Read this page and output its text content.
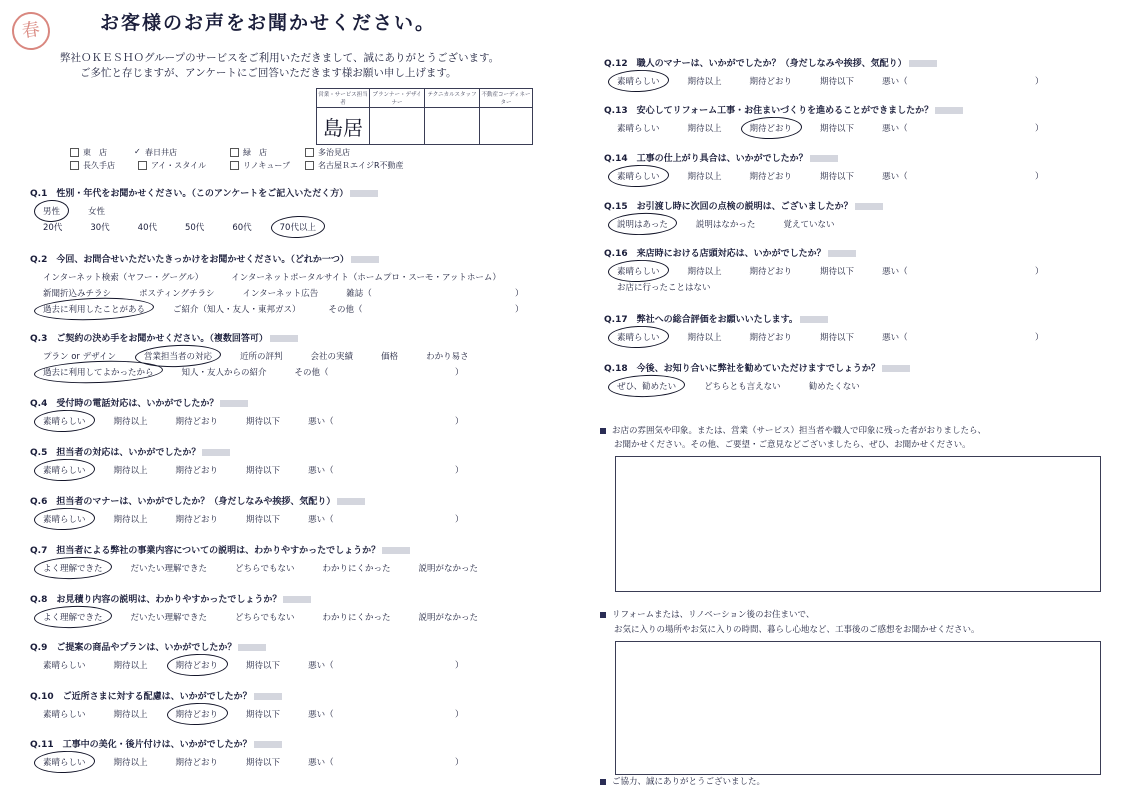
春	お客様のお声をお聞かせください。
弊社ＯＫＥＳＨＯグループのサービスをご利用いただきまして、誠にありがとうございます。
ご多忙と存じますが、アンケートにご回答いただきます様お願い申し上げます。
営業・サービス担当者	プランナー・デザイナー	テクニカルスタッフ	不動産コーディネーター
島居			
東　店	✓ 春日井店	緑　店	多治見店
長久手店	アイ・スタイル	リノキューブ	名古屋ＲエイジR不動産
Q.1　性別・年代をお聞かせください。（このアンケートをご記入いただく方）
男性	女性
20代	30代	40代	50代	60代	70代以上
Q.2　今回、お問合せいただいたきっかけをお聞かせください。（どれか一つ）
インターネット検索（ヤフー・グーグル）	インターネットポータルサイト（ホームプロ・スーモ・アットホーム）
新聞折込みチラシ	ポスティングチラシ	インターネット広告	雑誌（	）
過去に利用したことがある	ご紹介（知人・友人・東邦ガス）	その他（	）
Q.3　ご契約の決め手をお聞かせください。（複数回答可）
プラン or デザイン	営業担当者の対応	近所の評判	会社の実績	価格	わかり易さ
過去に利用してよかったから	知人・友人からの紹介	その他（	）
Q.4　受付時の電話対応は、いかがでしたか？
素晴らしい	期待以上	期待どおり	期待以下	悪い（	）
Q.5　担当者の対応は、いかがでしたか？
素晴らしい	期待以上	期待どおり	期待以下	悪い（	）
Q.6　担当者のマナーは、いかがでしたか？（身だしなみや挨拶、気配り）
素晴らしい	期待以上	期待どおり	期待以下	悪い（	）
Q.7　担当者による弊社の事業内容についての説明は、わかりやすかったでしょうか？
よく理解できた	だいたい理解できた	どちらでもない	わかりにくかった	説明がなかった
Q.8　お見積り内容の説明は、わかりやすかったでしょうか？
よく理解できた	だいたい理解できた	どちらでもない	わかりにくかった	説明がなかった
Q.9　ご提案の商品やプランは、いかがでしたか？
素晴らしい	期待以上	期待どおり	期待以下	悪い（	）
Q.10　ご近所さまに対する配慮は、いかがでしたか？
素晴らしい	期待以上	期待どおり	期待以下	悪い（	）
Q.11　工事中の美化・後片付けは、いかがでしたか？
素晴らしい	期待以上	期待どおり	期待以下	悪い（	）
Q.12　職人のマナーは、いかがでしたか？（身だしなみや挨拶、気配り）
素晴らしい	期待以上	期待どおり	期待以下	悪い（	）
Q.13　安心してリフォーム工事・お住まいづくりを進めることができましたか？
素晴らしい	期待以上	期待どおり	期待以下	悪い（	）
Q.14　工事の仕上がり具合は、いかがでしたか？
素晴らしい	期待以上	期待どおり	期待以下	悪い（	）
Q.15　お引渡し時に次回の点検の説明は、ございましたか？
説明はあった	説明はなかった	覚えていない
Q.16　来店時における店頭対応は、いかがでしたか？
素晴らしい	期待以上	期待どおり	期待以下	悪い（	）
お店に行ったことはない
Q.17　弊社への総合評価をお願いいたします。
素晴らしい	期待以上	期待どおり	期待以下	悪い（	）
Q.18　今後、お知り合いに弊社を勧めていただけますでしょうか？
ぜひ、勧めたい	どちらとも言えない	勧めたくない
お店の雰囲気や印象。または、営業（サービス）担当者や職人で印象に残った者がおりましたら、
お聞かせください。その他、ご要望・ご意見などございましたら、ぜひ、お聞かせください。
リフォームまたは、リノベーション後のお住まいで、
お気に入りの場所やお気に入りの時間、暮らし心地など、工事後のご感想をお聞かせください。
ご協力、誠にありがとうございました。
